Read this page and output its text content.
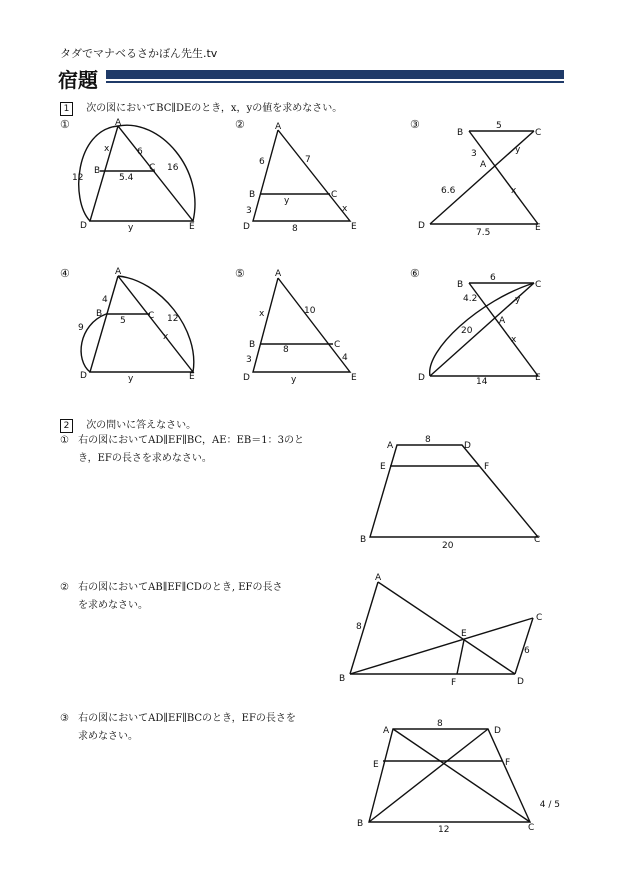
タダでマナベるさかぼん先生.tv
宿題
1 次の図においてBC∥DEのとき，x，yの値を求めなさい。
①	②	③
④	⑤	⑥
2 次の問いに答えなさい。
① 右の図においてAD∥EF∥BC，AE：EB＝1：3のと
き，EFの長さを求めなさい。
② 右の図においてAB∥EF∥CDのとき, EFの長さ
を求めなさい。
③ 右の図においてAD∥EF∥BCのとき，EFの長さを
求めなさい。
A
B	C
D	E
x	6
16
12	5.4
y
A
B	C
D	E
6	7
y
3	x
8
B	C
A
D	E
5
3	y
6.6	x
7.5
A
B	C
D	E
4
5	12
9
x
y
A
B	C
D	E
x	10
8
3	4
y
B	C
A
D	E
6
4.2	y
20
x
14
A	D
E	F
B	C
8
20
A
B
C
D
E
F
8
6
A	D
E	F
B	C
8
12
4 / 5
